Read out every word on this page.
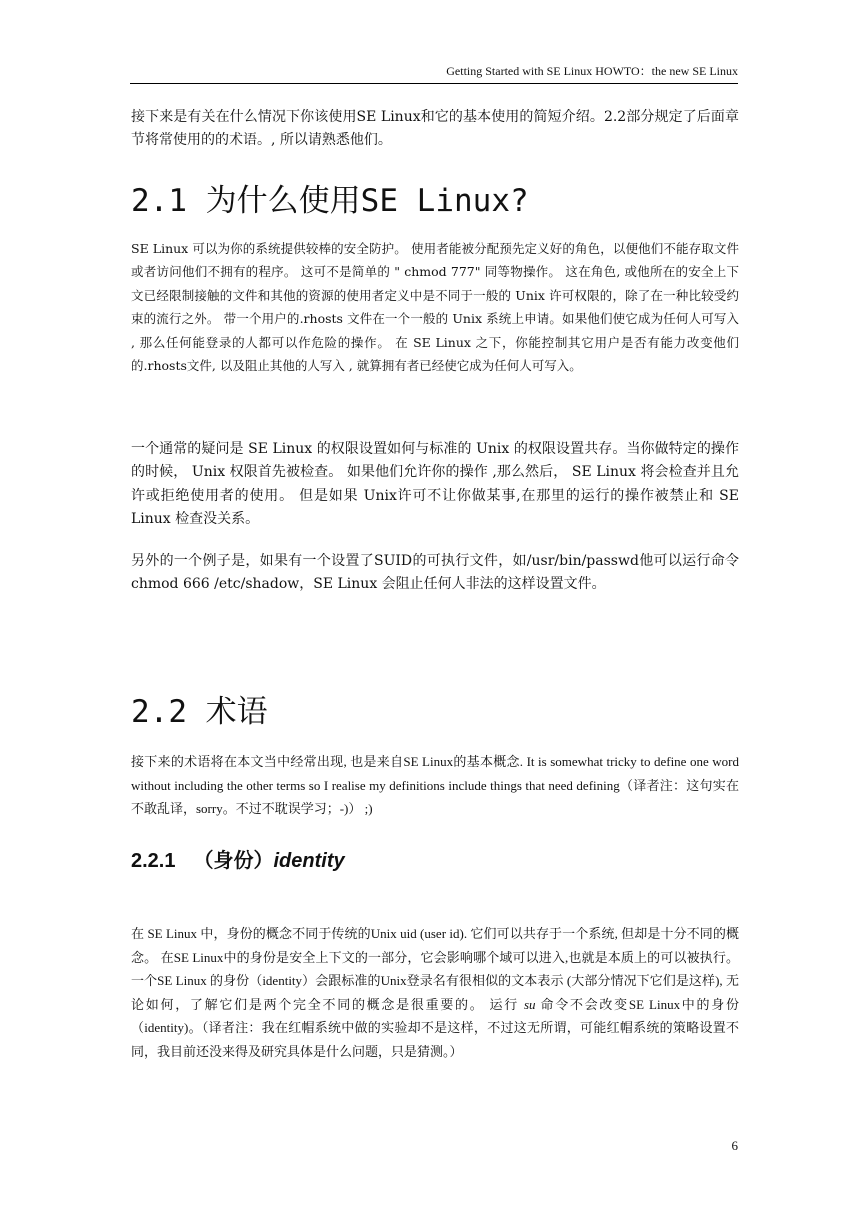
Getting Started with SE Linux HOWTO：the new SE Linux

接下来是有关在什么情况下你该使用SE Linux和它的基本使用的简短介绍。2.2部分规定了后面章节将常使用的的术语。, 所以请熟悉他们。

2.1 为什么使用SE Linux?

SE Linux 可以为你的系统提供较棒的安全防护。 使用者能被分配预先定义好的角色，以便他们不能存取文件或者访问他们不拥有的程序。 这可不是简单的 " chmod 777" 同等物操作。 这在角色, 或他所在的安全上下文已经限制接触的文件和其他的资源的使用者定义中是不同于一般的 Unix 许可权限的，除了在一种比较受约束的流行之外。 带一个用户的.rhosts 文件在一个一般的 Unix 系统上申请。如果他们使它成为任何人可写入 , 那么任何能登录的人都可以作危险的操作。 在 SE Linux 之下，你能控制其它用户是否有能力改变他们的.rhosts文件, 以及阻止其他的人写入 , 就算拥有者已经使它成为任何人可写入。

一个通常的疑问是 SE Linux 的权限设置如何与标准的 Unix 的权限设置共存。当你做特定的操作的时候， Unix 权限首先被检查。 如果他们允许你的操作 ,那么然后， SE Linux 将会检查并且允许或拒绝使用者的使用。 但是如果 Unix许可不让你做某事,在那里的运行的操作被禁止和 SE Linux 检查没关系。

另外的一个例子是，如果有一个设置了SUID的可执行文件，如/usr/bin/passwd他可以运行命令chmod 666 /etc/shadow，SE Linux 会阻止任何人非法的这样设置文件。

2.2 术语

接下来的术语将在本文当中经常出现, 也是来自SE Linux的基本概念. It is somewhat tricky to define one word without including the other terms so I realise my definitions include things that need defining（译者注：这句实在不敢乱译，sorry。不过不耽误学习；-)） ;)

2.2.1 （身份）identity

在 SE Linux 中，身份的概念不同于传统的Unix uid (user id). 它们可以共存于一个系统, 但却是十分不同的概念。 在SE Linux中的身份是安全上下文的一部分，它会影响哪个域可以进入,也就是本质上的可以被执行。一个SE Linux 的身份（identity）会跟标准的Unix登录名有很相似的文本表示 (大部分情况下它们是这样), 无论如何，了解它们是两个完全不同的概念是很重要的。 运行 su 命令不会改变SE Linux中的身份（identity)。（译者注：我在红帽系统中做的实验却不是这样，不过这无所谓，可能红帽系统的策略设置不同，我目前还没来得及研究具体是什么问题，只是猜测。）

6
